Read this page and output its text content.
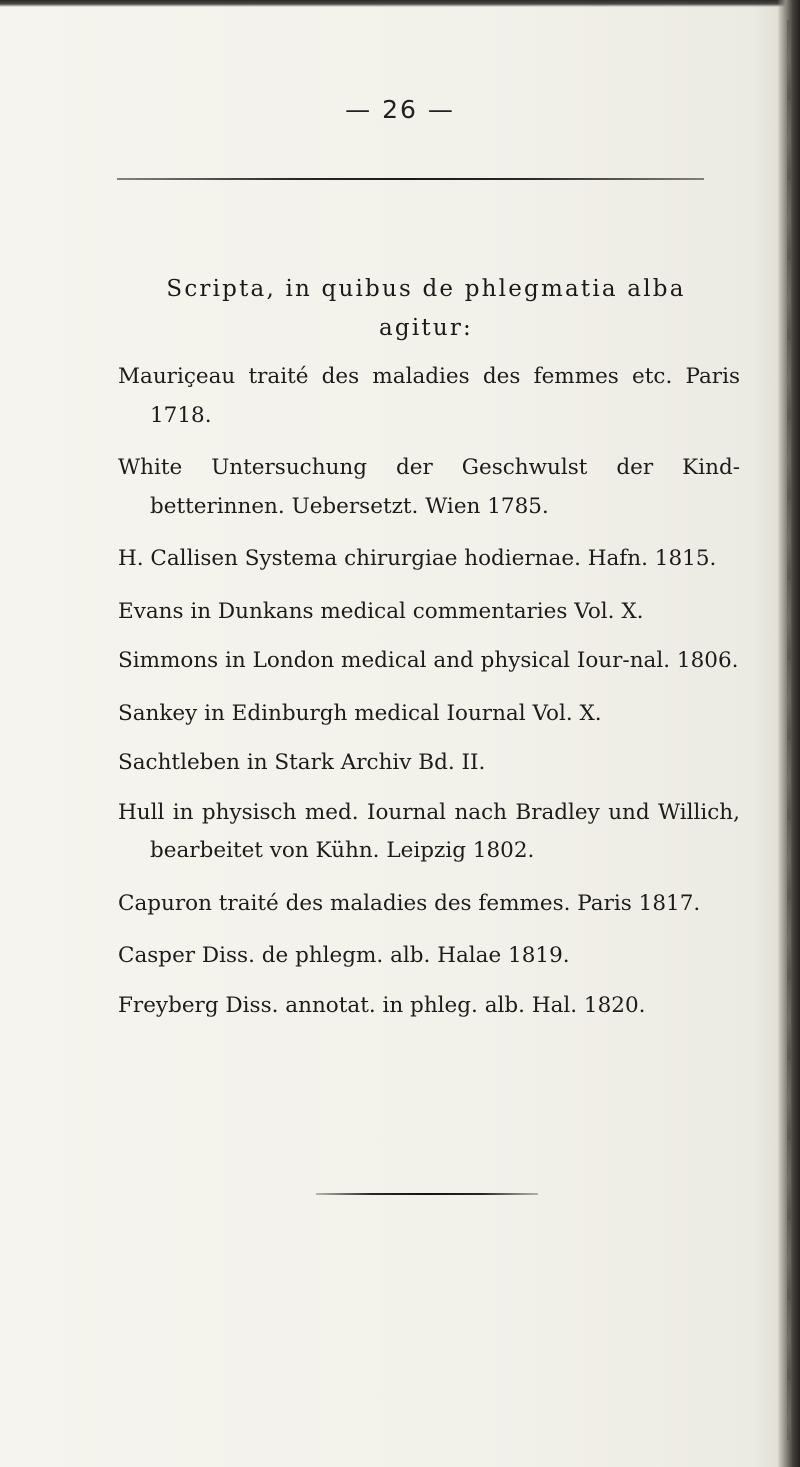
— 26 —
Scripta, in quibus de phlegmatia alba agitur:
Mauriçeau traité des maladies des femmes etc. Paris 1718.
White Untersuchung der Geschwulst der Kind-betterinnen. Uebersetzt. Wien 1785.
H. Callisen Systema chirurgiae hodiernae. Hafn. 1815.
Evans in Dunkans medical commentaries Vol. X.
Simmons in London medical and physical Iour-nal. 1806.
Sankey in Edinburgh medical Iournal Vol. X.
Sachtleben in Stark Archiv Bd. II.
Hull in physisch med. Iournal nach Bradley und Willich, bearbeitet von Kühn. Leipzig 1802.
Capuron traité des maladies des femmes. Paris 1817.
Casper Diss. de phlegm. alb. Halae 1819.
Freyberg Diss. annotat. in phleg. alb. Hal. 1820.
